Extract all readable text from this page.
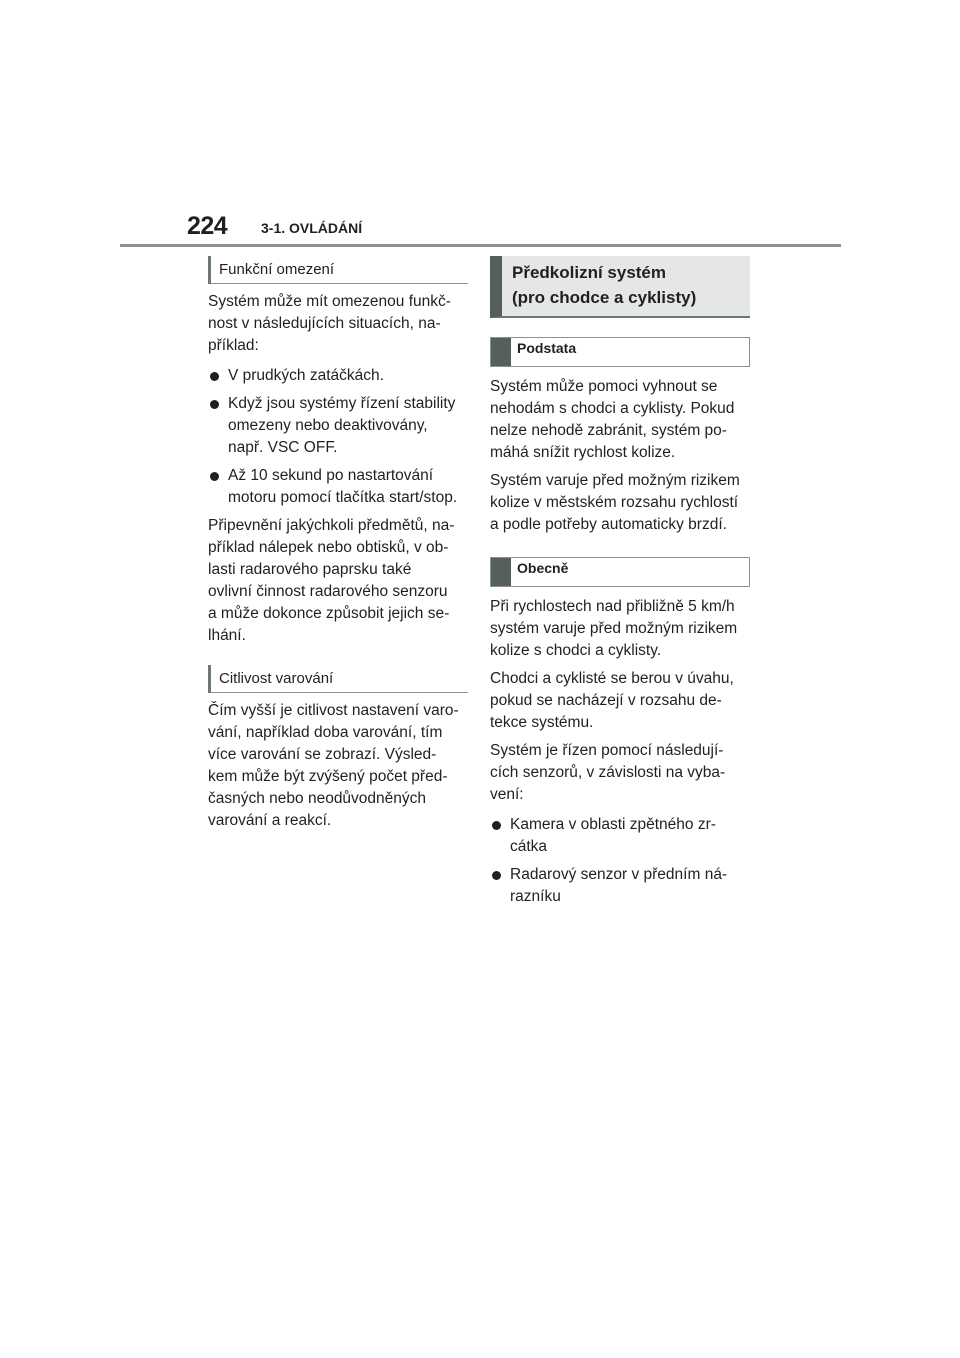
224 3-1. OVLÁDÁNÍ
Funkční omezení

Systém může mít omezenou funkč-
nost v následujících situacích, na-
příklad:

V prudkých zatáčkách.
Když jsou systémy řízení stability
omezeny nebo deaktivovány,
např. VSC OFF.
Až 10 sekund po nastartování
motoru pomocí tlačítka start/stop.

Připevnění jakýchkoli předmětů, na-
příklad nálepek nebo obtisků, v ob-
lasti radarového paprsku také
ovlivní činnost radarového senzoru
a může dokonce způsobit jejich se-
lhání.

Citlivost varování

Čím vyšší je citlivost nastavení varo-
vání, například doba varování, tím
více varování se zobrazí. Výsled-
kem může být zvýšený počet před-
časných nebo neodůvodněných
varování a reakcí.

Předkolizní systém
(pro chodce a cyklisty)
Podstata

Systém může pomoci vyhnout se
nehodám s chodci a cyklisty. Pokud
nelze nehodě zabránit, systém po-
máhá snížit rychlost kolize.

Systém varuje před možným rizikem
kolize v městském rozsahu rychlostí
a podle potřeby automaticky brzdí.

Obecně

Při rychlostech nad přibližně 5 km/h
systém varuje před možným rizikem
kolize s chodci a cyklisty.

Chodci a cyklisté se berou v úvahu,
pokud se nacházejí v rozsahu de-
tekce systému.

Systém je řízen pomocí následují-
cích senzorů, v závislosti na vyba-
vení:

Kamera v oblasti zpětného zr-
cátka
Radarový senzor v předním ná-
razníku
